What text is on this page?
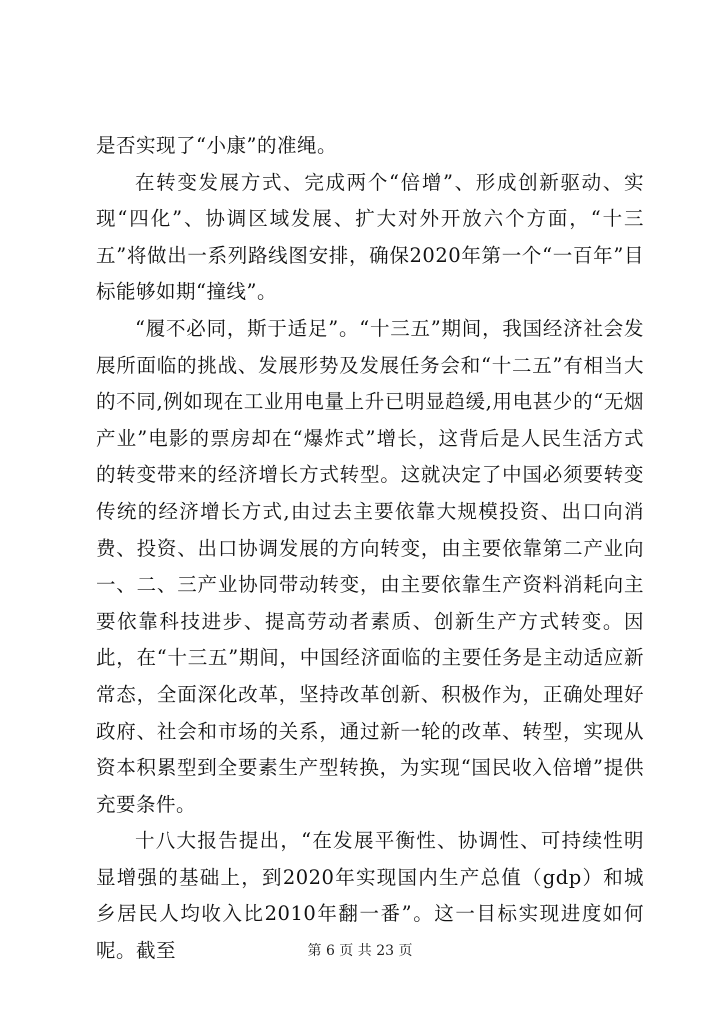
是否实现了“小康”的准绳。

在转变发展方式、完成两个“倍增”、形成创新驱动、实现“四化”、协调区域发展、扩大对外开放六个方面，“十三五”将做出一系列路线图安排，确保2020年第一个“一百年”目标能够如期“撞线”。

“履不必同，斯于适足”。“十三五”期间，我国经济社会发展所面临的挑战、发展形势及发展任务会和“十二五”有相当大的不同,例如现在工业用电量上升已明显趋缓,用电甚少的“无烟产业”电影的票房却在“爆炸式”增长，这背后是人民生活方式的转变带来的经济增长方式转型。这就决定了中国必须要转变传统的经济增长方式,由过去主要依靠大规模投资、出口向消费、投资、出口协调发展的方向转变，由主要依靠第二产业向一、二、三产业协同带动转变，由主要依靠生产资料消耗向主要依靠科技进步、提高劳动者素质、创新生产方式转变。因此，在“十三五”期间，中国经济面临的主要任务是主动适应新常态，全面深化改革，坚持改革创新、积极作为，正确处理好政府、社会和市场的关系，通过新一轮的改革、转型，实现从资本积累型到全要素生产型转换，为实现“国民收入倍增”提供充要条件。

十八大报告提出，“在发展平衡性、协调性、可持续性明显增强的基础上，到2020年实现国内生产总值（gdp）和城乡居民人均收入比2010年翻一番”。这一目标实现进度如何呢。截至	第 6 页 共 23 页
